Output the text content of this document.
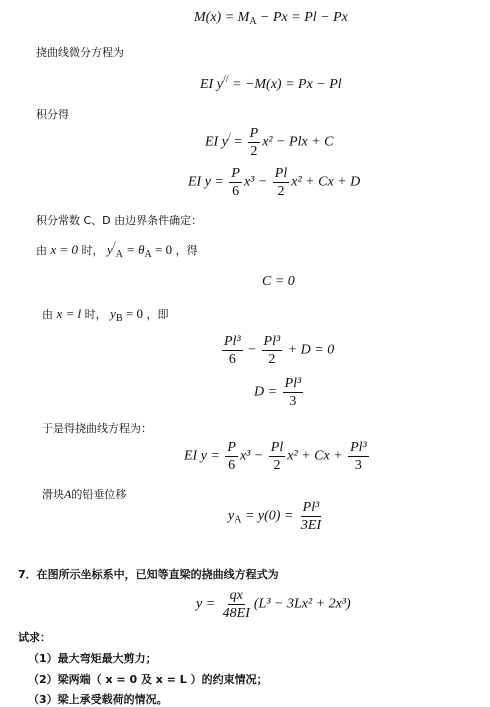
$M(x) = M_A - Px = Pl - Px$
挠曲线微分方程为
EI y// = −M(x) = Px − Pl
积分得
EI $y^/ = \frac{P}{2} x^2$ − Plx + C
EI $y = \frac{P}{6} x^3 - \frac{Pl}{2} x^2 + Cx + D$
积分常数 C、D 由边界条件确定：
由 x = 0 时， $y^/_A = \theta_A = 0$ ，得
C = 0
由 x = l 时， $y_B = 0$ ，即
$\frac{\text{Pl³}}{6} - \frac{\text{Pl³}}{2} + D = 0$
$D = \frac{\text{Pl³}}{3}$
于是得挠曲线方程为：
EI $y = \frac{P}{6} x^3 - \frac{Pl}{2} x^2 + Cx + \frac{\text{Pl³}}{3}$
滑块A的铅垂位移
$y_A = y(0) = \frac{\text{Pl³}}{3EI}$
7．在图所示坐标系中，已知等直梁的挠曲线方程式为
$y = \frac{qx}{48EI} (L^3 - 3Lx^2 + 2x^3)$
试求：
（1）最大弯矩最大剪力；
（2）梁两端（ x = 0 及 x = L ）的约束情况；
（3）梁上承受载荷的情况。
